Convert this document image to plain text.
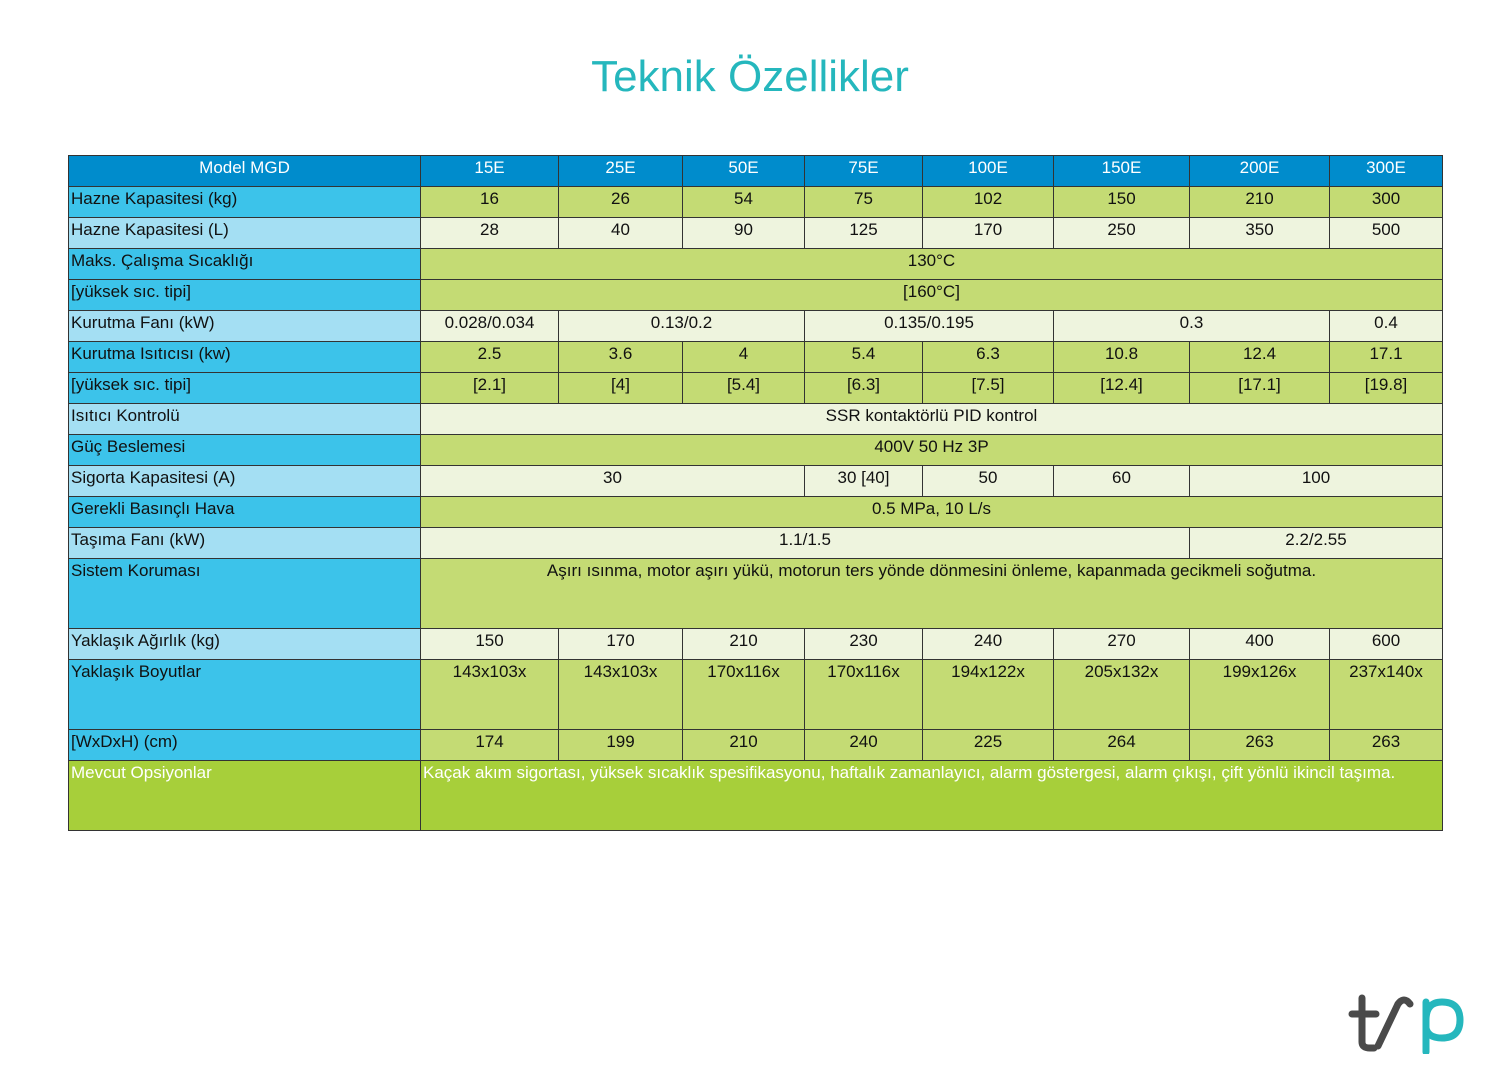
Teknik Özellikler
Model MGD	15E	25E	50E	75E	100E	150E	200E	300E
Hazne Kapasitesi (kg)	16	26	54	75	102	150	210	300
Hazne Kapasitesi (L)	28	40	90	125	170	250	350	500
Maks. Çalışma Sıcaklığı	130°C							
[yüksek sıc. tipi]	[160°C]							
Kurutma Fanı (kW)	0.028/0.034	0.13/0.2		0.135/0.195		0.3		0.4
Kurutma Isıtıcısı (kw)	2.5	3.6	4	5.4	6.3	10.8	12.4	17.1
[yüksek sıc. tipi]	[2.1]	[4]	[5.4]	[6.3]	[7.5]	[12.4]	[17.1]	[19.8]
Isıtıcı Kontrolü	SSR kontaktörlü PID kontrol							
Güç Beslemesi	400V 50 Hz 3P							
Sigorta Kapasitesi (A)	30			30 [40]	50	60	100	
Gerekli Basınçlı Hava	0.5 MPa, 10 L/s							
Taşıma Fanı (kW)	1.1/1.5						2.2/2.55	
Sistem Koruması	Aşırı ısınma, motor aşırı yükü, motorun ters yönde dönmesini önleme, kapanmada gecikmeli soğutma.							
Yaklaşık Ağırlık (kg)	150	170	210	230	240	270	400	600
Yaklaşık Boyutlar	143x103x	143x103x	170x116x	170x116x	194x122x	205x132x	199x126x	237x140x
[WxDxH) (cm)	174	199	210	240	225	264	263	263
Mevcut Opsiyonlar	Kaçak akım sigortası, yüksek sıcaklık spesifikasyonu, haftalık zamanlayıcı, alarm göstergesi, alarm çıkışı, çift yönlü ikincil taşıma.							
